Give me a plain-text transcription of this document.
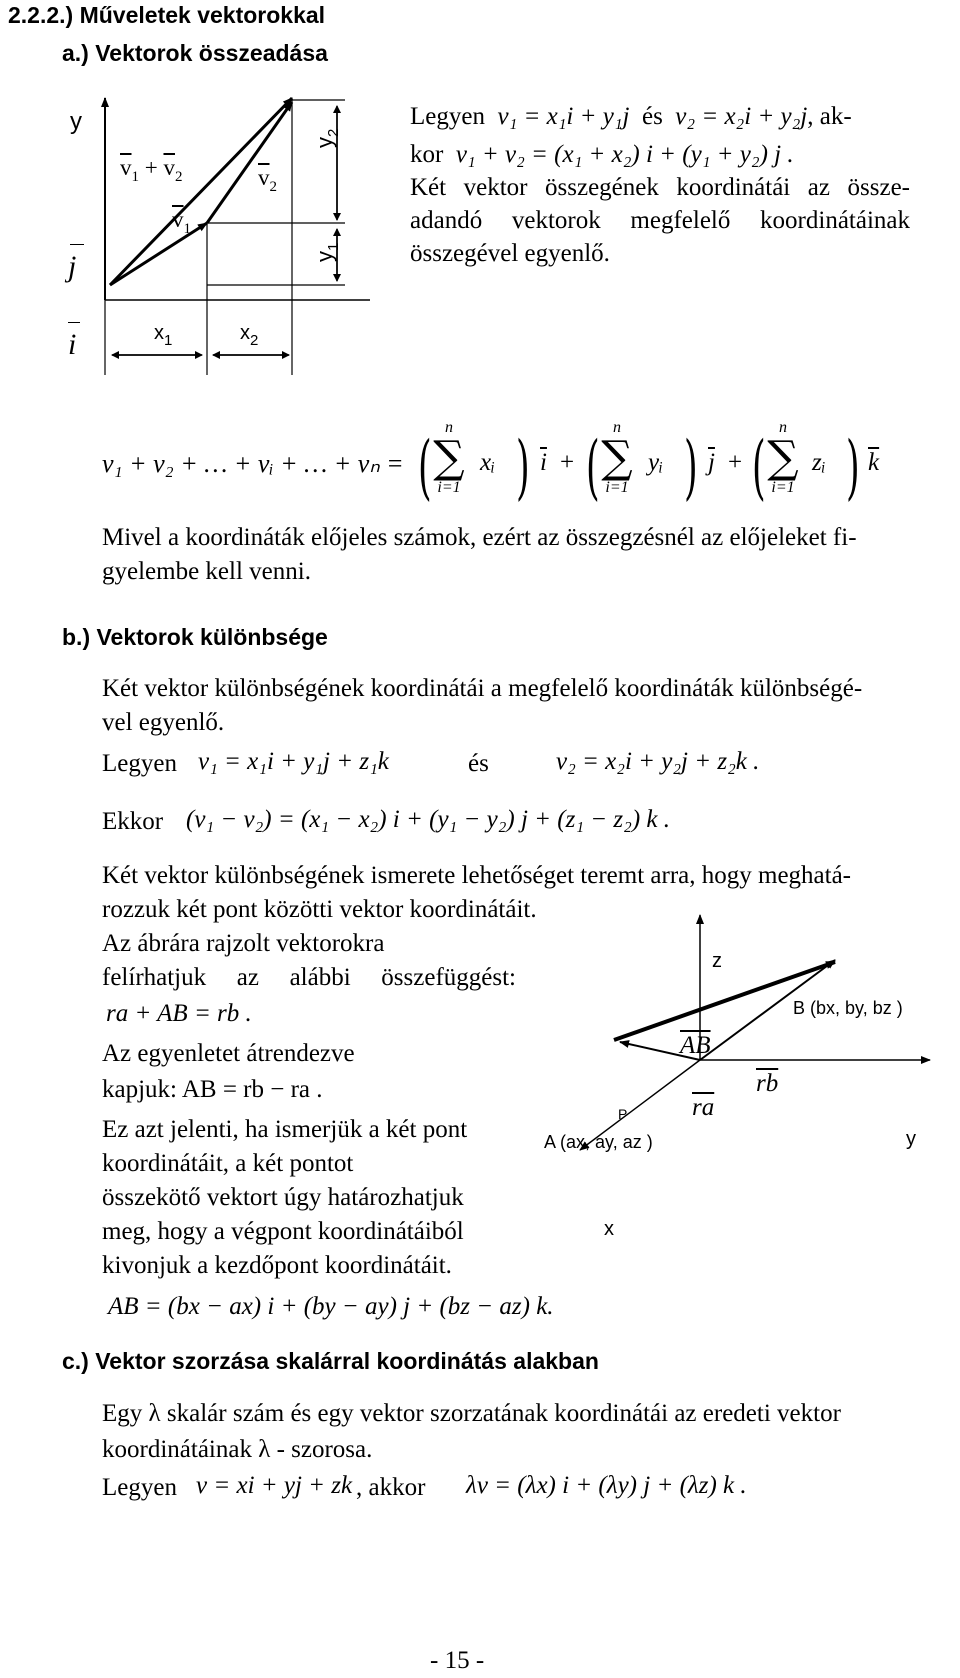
2.2.2.) Műveletek vektorokkal
a.) Vektorok összeadása
y
j
i
$\overline{v}_1 + \overline{v}_2$	$\overline{v}_2$
$\overline{v}_1$
$y_2$
$y_1$
$x_1$	$x_2$
Legyen v₁ = x₁i + y₁j és v₂ = x₂i + y₂j, ak-
kor v₁ + v₂ = (x₁ + x₂) i + (y₁ + y₂) j .
Két vektor összegének koordinátái az össze-
adandó vektorok megfelelő koordinátáinak
összegével egyenlő.
v₁ + v₂ + … + vᵢ + … + vₙ = ( n
∑
i=1
xᵢ ) $\overline{i}$ + ( n
∑
i=1
yᵢ ) $\overline{j}$ + ( n
∑
i=1
zᵢ ) $\overline{k}$
Mivel a koordináták előjeles számok, ezért az összegzésnél az előjeleket fi-
gyelembe kell venni.
b.) Vektorok különbsége
Két vektor különbségének koordinátái a megfelelő koordináták különbségé-
vel egyenlő.
Legyen v₁ = x₁i + y₁j + z₁k	és	v₂ = x₂i + y₂j + z₂k .
Ekkor (v₁ − v₂) = (x₁ − x₂) i + (y₁ − y₂) j + (z₁ − z₂) k .
Két vektor különbségének ismerete lehetőséget teremt arra, hogy meghatá-
rozzuk két pont közötti vektor koordinátáit.
Az ábrára rajzolt vektorokra
felírhatjuk az alábbi összefüggést:
ra + AB = rb .
Az egyenletet átrendezve
kapjuk: AB = rb − ra .
Ez azt jelenti, ha ismerjük a két pont
koordinátáit, a két pontot
összekötő vektort úgy határozhatjuk
meg, hogy a végpont koordinátáiból
kivonjuk a kezdőpont koordinátáit.
AB = (bx − ax) i + (by − ay) j + (bz − az) k.
z
B (bx, by, bz )
$\overline{AB}$
$\overline{rb}$
$\overline{ra}$
P
A (ax, ay, az )	y
x
c.) Vektor szorzása skalárral koordinátás alakban
Egy λ skalár szám és egy vektor szorzatának koordinátái az eredeti vektor
koordinátáinak λ - szorosa.
Legyen v = xi + yj + zk , akkor λv = (λx) i + (λy) j + (λz) k .
- 15 -
